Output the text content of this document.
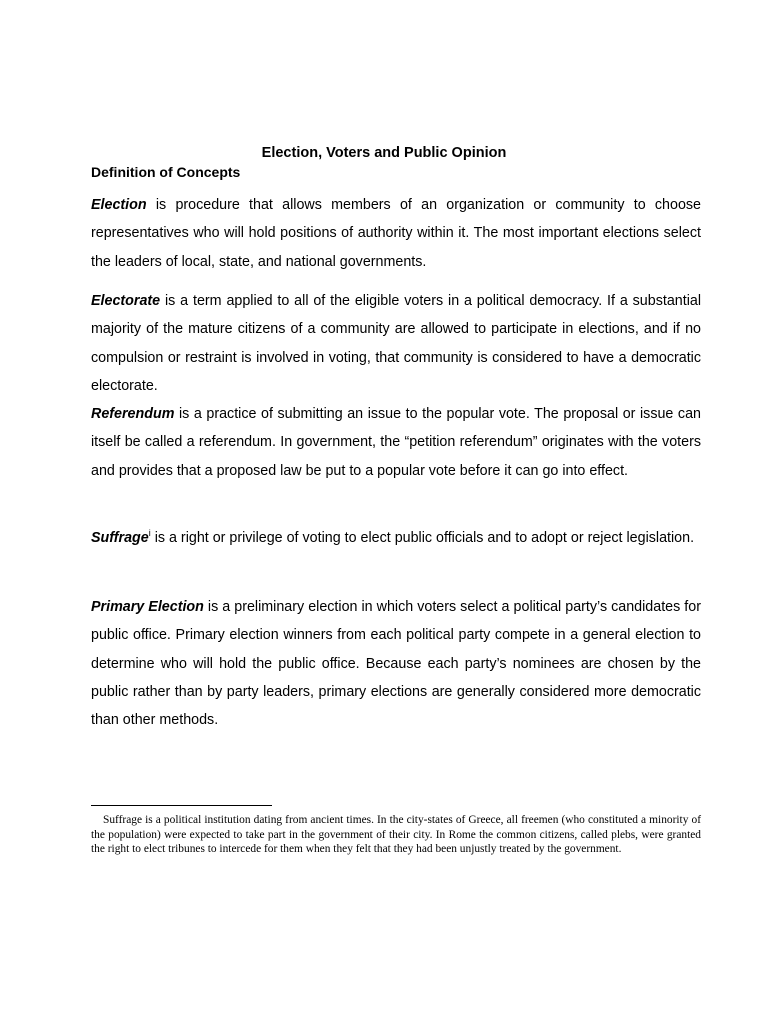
Election, Voters and Public Opinion
Definition of Concepts

Election is procedure that allows members of an organization or community to choose representatives who will hold positions of authority within it. The most important elections select the leaders of local, state, and national governments.

Electorate is a term applied to all of the eligible voters in a political democracy. If a substantial majority of the mature citizens of a community are allowed to participate in elections, and if no compulsion or restraint is involved in voting, that community is considered to have a democratic electorate.

Referendum is a practice of submitting an issue to the popular vote. The proposal or issue can itself be called a referendum. In government, the “petition referendum” originates with the voters and provides that a proposed law be put to a popular vote before it can go into effect.

Suffrage$^i$ is a right or privilege of voting to elect public officials and to adopt or reject legislation.

Primary Election is a preliminary election in which voters select a political party’s candidates for public office. Primary election winners from each political party compete in a general election to determine who will hold the public office. Because each party’s nominees are chosen by the public rather than by party leaders, primary elections are generally considered more democratic than other methods.

Suffrage is a political institution dating from ancient times. In the city-states of Greece, all freemen (who constituted a minority of the population) were expected to take part in the government of their city. In Rome the common citizens, called plebs, were granted the right to elect tribunes to intercede for them when they felt that they had been unjustly treated by the government.
